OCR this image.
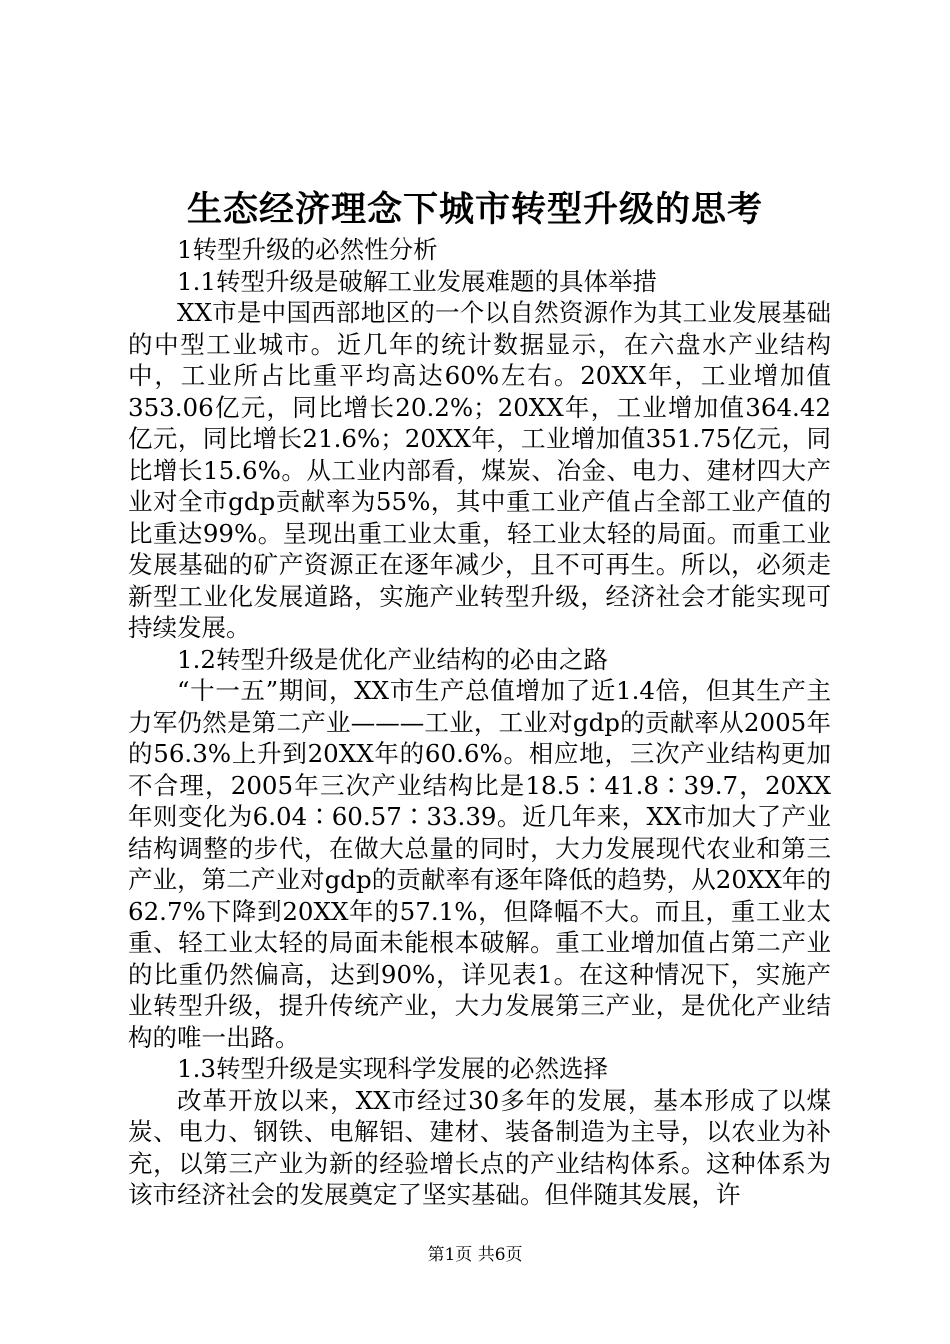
生态经济理念下城市转型升级的思考

1转型升级的必然性分析

1.1转型升级是破解工业发展难题的具体举措

XX市是中国西部地区的一个以自然资源作为其工业发展基础的中型工业城市。近几年的统计数据显示，在六盘水产业结构中，工业所占比重平均高达60%左右。20XX年，工业增加值353.06亿元，同比增长20.2%；20XX年，工业增加值364.42亿元，同比增长21.6%；20XX年，工业增加值351.75亿元，同比增长15.6%。从工业内部看，煤炭、冶金、电力、建材四大产业对全市gdp贡献率为55%，其中重工业产值占全部工业产值的比重达99%。呈现出重工业太重，轻工业太轻的局面。而重工业发展基础的矿产资源正在逐年减少，且不可再生。所以，必须走新型工业化发展道路，实施产业转型升级，经济社会才能实现可持续发展。

1.2转型升级是优化产业结构的必由之路

“十一五”期间，XX市生产总值增加了近1.4倍，但其生产主力军仍然是第二产业———工业，工业对gdp的贡献率从2005年的56.3%上升到20XX年的60.6%。相应地，三次产业结构更加不合理，2005年三次产业结构比是18.5∶41.8∶39.7，20XX年则变化为6.04∶60.57∶33.39。近几年来，XX市加大了产业结构调整的步代，在做大总量的同时，大力发展现代农业和第三产业，第二产业对gdp的贡献率有逐年降低的趋势，从20XX年的62.7%下降到20XX年的57.1%，但降幅不大。而且，重工业太重、轻工业太轻的局面未能根本破解。重工业增加值占第二产业的比重仍然偏高，达到90%，详见表1。在这种情况下，实施产业转型升级，提升传统产业，大力发展第三产业，是优化产业结构的唯一出路。

1.3转型升级是实现科学发展的必然选择

改革开放以来，XX市经过30多年的发展，基本形成了以煤炭、电力、钢铁、电解铝、建材、装备制造为主导，以农业为补充，以第三产业为新的经验增长点的产业结构体系。这种体系为该市经济社会的发展奠定了坚实基础。但伴随其发展，许

第1页 共6页
